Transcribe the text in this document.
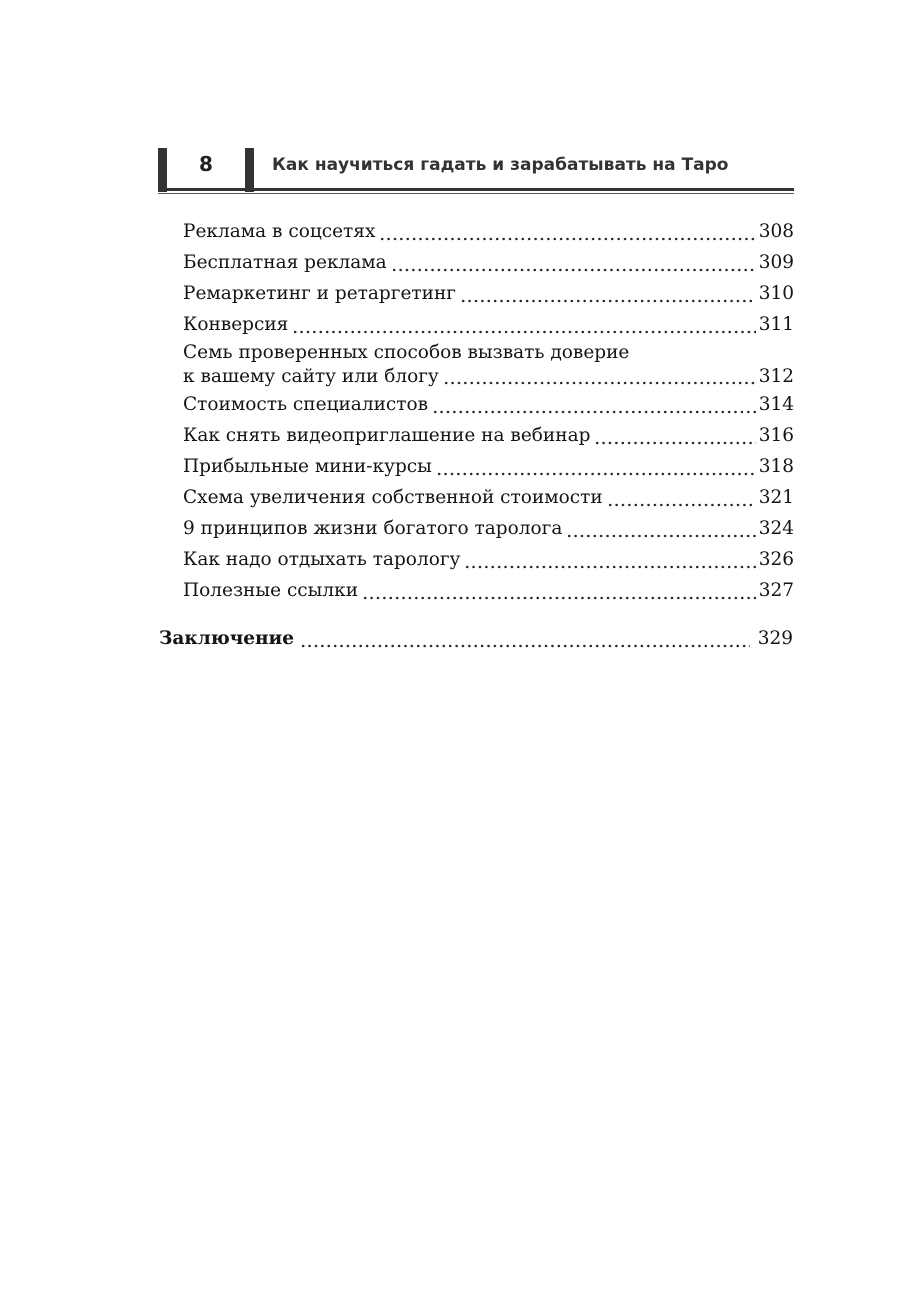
8	Как научиться гадать и зарабатывать на Таро
Реклама в соцсетях	308
Бесплатная реклама	309
Ремаркетинг и ретаргетинг	310
Конверсия	311
Семь проверенных способов вызвать доверие
к вашему сайту или блогу	312
Стоимость специалистов	314
Как снять видеоприглашение на вебинар	316
Прибыльные мини-курсы	318
Схема увеличения собственной стоимости	321
9 принципов жизни богатого таролога	324
Как надо отдыхать тарологу	326
Полезные ссылки	327
Заключение	329
